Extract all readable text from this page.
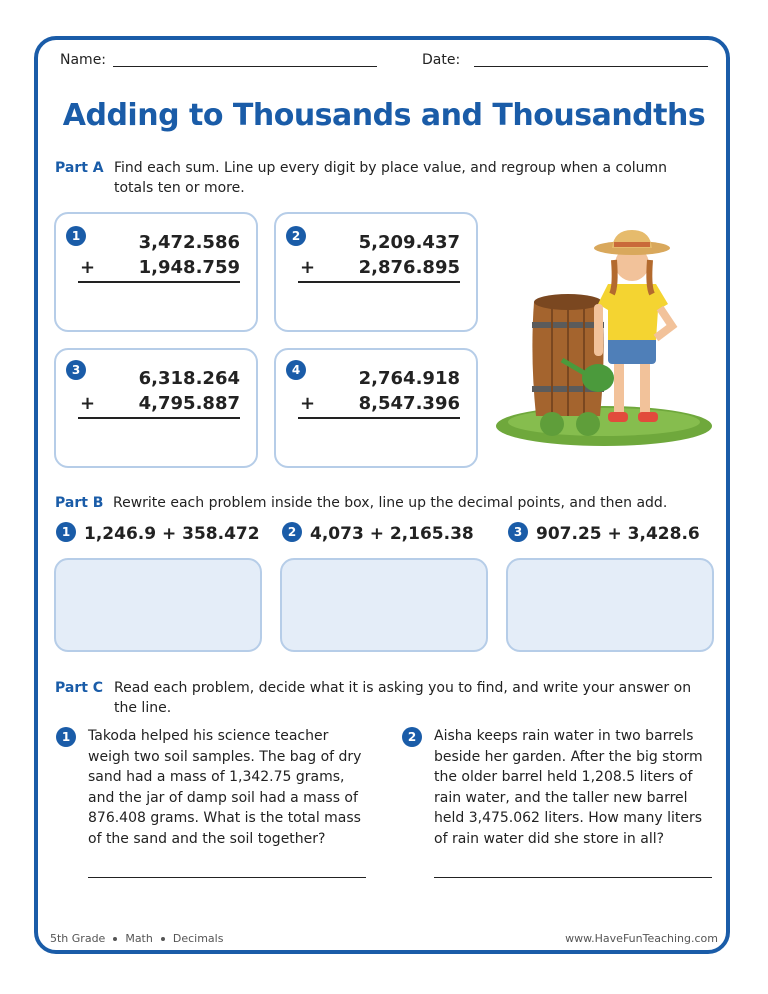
Name:	Date:
Adding to Thousands and Thousandths
Part A Find each sum. Line up every digit by place value, and regroup when a column totals ten or more.
1	3,472.586
+ 1,948.759
2	5,209.437
+ 2,876.895
3	6,318.264
+ 4,795.887
4	2,764.918
+ 8,547.396
Part B Rewrite each problem inside the box, line up the decimal points, and then add.
1 1,246.9 + 358.472	2 4,073 + 2,165.38	3 907.25 + 3,428.6
Part C Read each problem, decide what it is asking you to find, and write your answer on the line.
1	Takoda helped his science teacher weigh two soil samples. The bag of dry sand had a mass of 1,342.75 grams, and the jar of damp soil had a mass of 876.408 grams. What is the total mass of the sand and the soil together?
2	Aisha keeps rain water in two barrels beside her garden. After the big storm the older barrel held 1,208.5 liters of rain water, and the taller new barrel held 3,475.062 liters. How many liters of rain water did she store in all?
5th Grade Math Decimals	www.HaveFunTeaching.com
